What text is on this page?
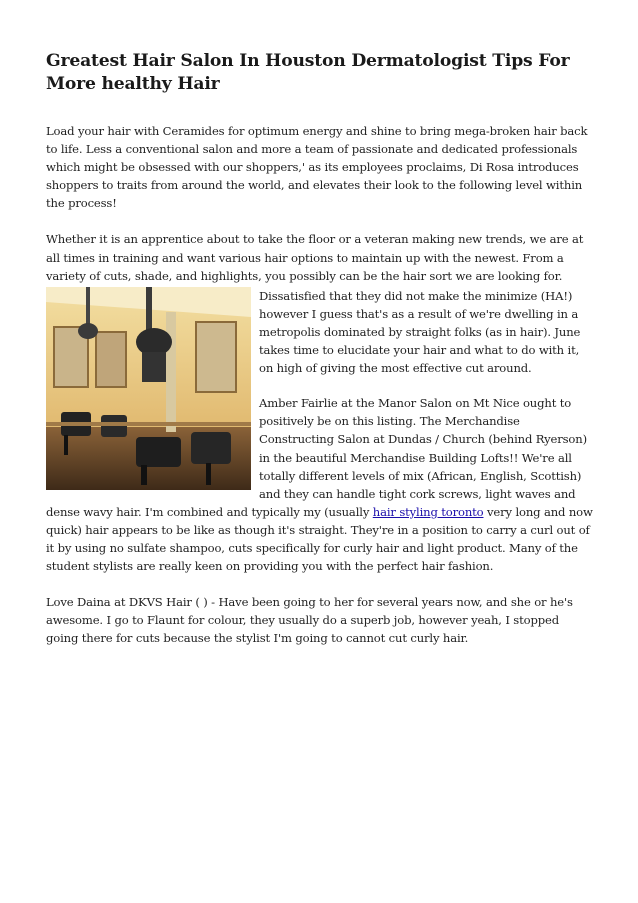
Greatest Hair Salon In Houston Dermatologist Tips For More healthy Hair

Load your hair with Ceramides for optimum energy and shine to bring mega-broken hair back to life. Less a conventional salon and more a team of passionate and dedicated professionals which might be obsessed with our shoppers,' as its employees proclaims, Di Rosa introduces shoppers to traits from around the world, and elevates their look to the following level within the process!

Whether it is an apprentice about to take the floor or a veteran making new trends, we are at all times in training and want various hair options to maintain up with the newest. From a variety of cuts, shade, and highlights, you possibly can be the hair sort we are looking for.

Dissatisfied that they did not make the minimize (HA!) however I guess that's as a result of we're dwelling in a metropolis dominated by straight folks (as in hair). June takes time to elucidate your hair and what to do with it, on high of giving the most effective cut around.

Amber Fairlie at the Manor Salon on Mt Nice ought to positively be on this listing. The Merchandise Constructing Salon at Dundas / Church (behind Ryerson) in the beautiful Merchandise Building Lofts!! We're all totally different levels of mix (African, English, Scottish) and they can handle tight cork screws, light waves and dense wavy hair. I'm combined and typically my (usually hair styling toronto very long and now quick) hair appears to be like as though it's straight. They're in a position to carry a curl out of it by using no sulfate shampoo, cuts specifically for curly hair and light product. Many of the student stylists are really keen on providing you with the perfect hair fashion.

Love Daina at DKVS Hair ( ) - Have been going to her for several years now, and she or he's awesome. I go to Flaunt for colour, they usually do a superb job, however yeah, I stopped going there for cuts because the stylist I'm going to cannot cut curly hair.
